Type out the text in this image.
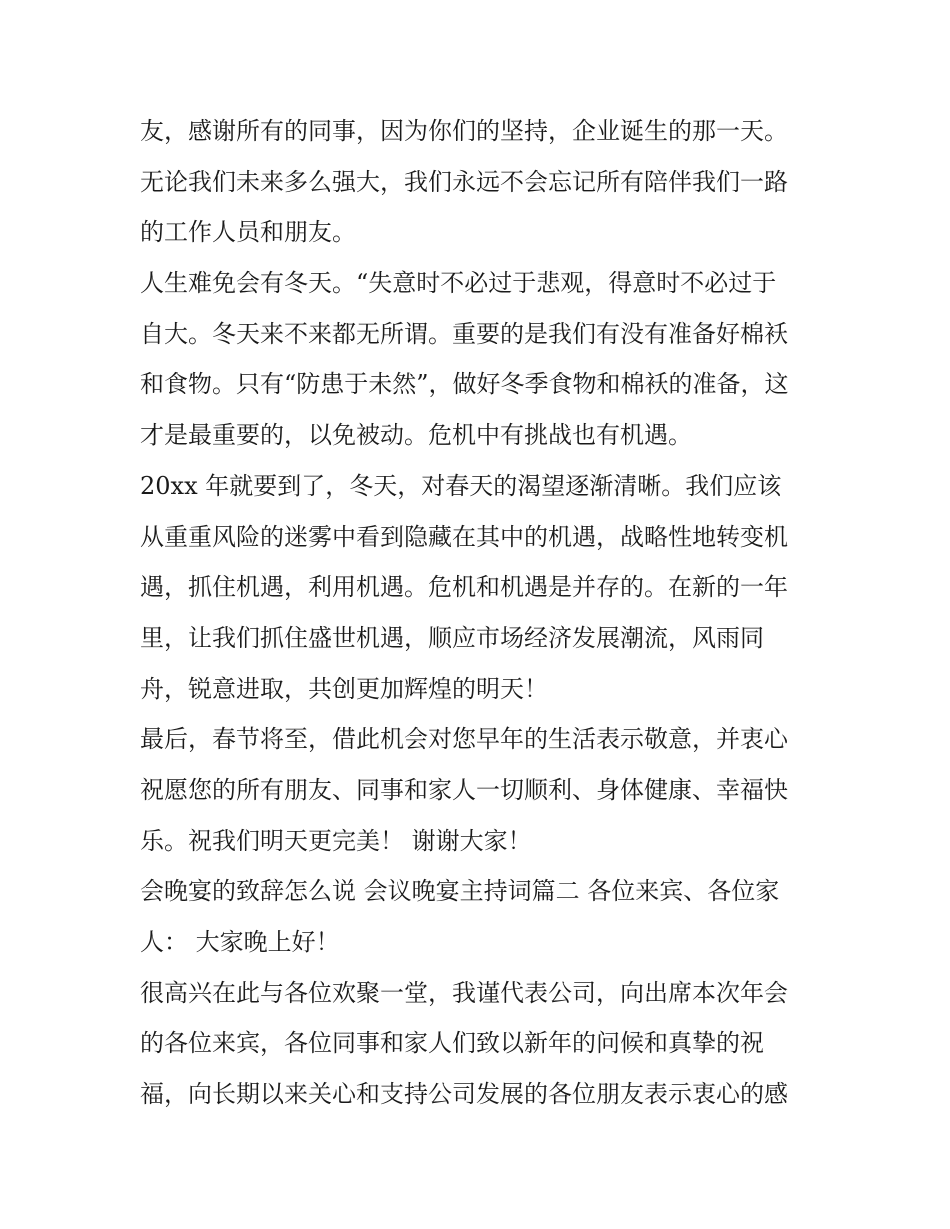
友，感谢所有的同事，因为你们的坚持，企业诞生的那一天。

无论我们未来多么强大，我们永远不会忘记所有陪伴我们一路

的工作人员和朋友。

人生难免会有冬天。“失意时不必过于悲观，得意时不必过于

自大。冬天来不来都无所谓。重要的是我们有没有准备好棉袄

和食物。只有“防患于未然”，做好冬季食物和棉袄的准备，这

才是最重要的，以免被动。危机中有挑战也有机遇。

20xx 年就要到了，冬天，对春天的渴望逐渐清晰。我们应该

从重重风险的迷雾中看到隐藏在其中的机遇，战略性地转变机

遇，抓住机遇，利用机遇。危机和机遇是并存的。在新的一年

里，让我们抓住盛世机遇，顺应市场经济发展潮流，风雨同

舟，锐意进取，共创更加辉煌的明天！

最后，春节将至，借此机会对您早年的生活表示敬意，并衷心

祝愿您的所有朋友、同事和家人一切顺利、身体健康、幸福快

乐。祝我们明天更完美！ 谢谢大家！

会晚宴的致辞怎么说 会议晚宴主持词篇二 各位来宾、各位家

人： 大家晚上好！

很高兴在此与各位欢聚一堂，我谨代表公司，向出席本次年会

的各位来宾，各位同事和家人们致以新年的问候和真挚的祝

福，向长期以来关心和支持公司发展的各位朋友表示衷心的感
